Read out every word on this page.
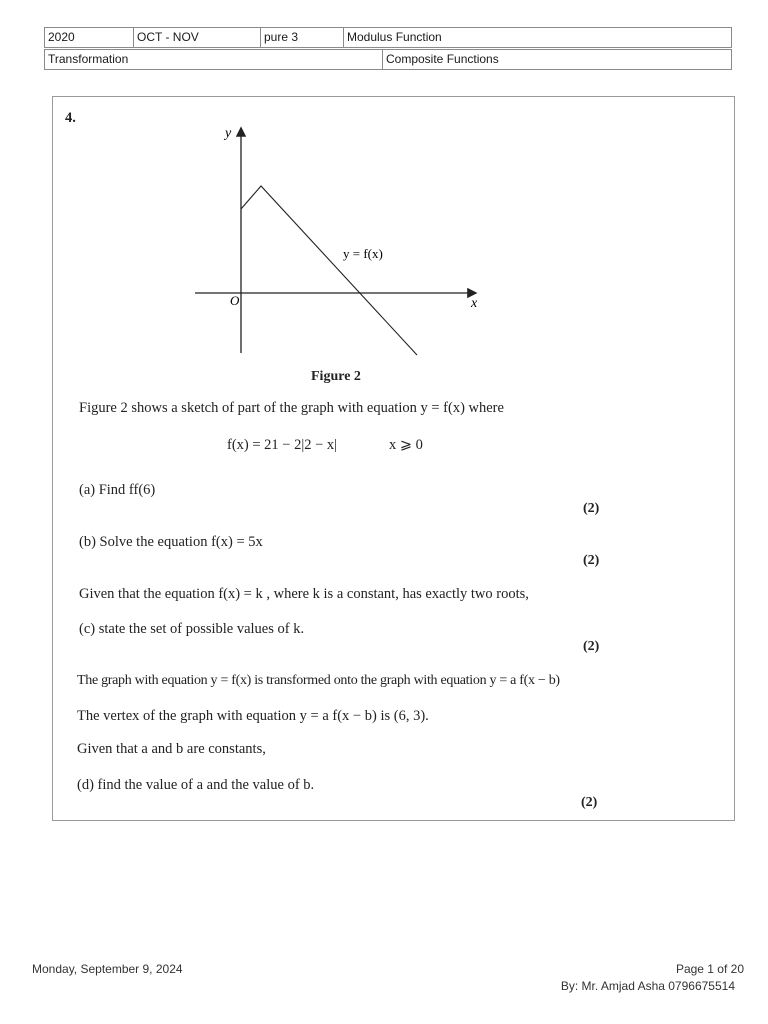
2020	OCT - NOV	pure 3	Modulus Function
Transformation	Composite Functions
4.
y
x
O
y = f(x)
Figure 2
Figure 2 shows a sketch of part of the graph with equation y = f(x) where
f(x) = 21 − 2|2 − x|	x ⩾ 0
(a) Find ff(6)
(2)
(b) Solve the equation f(x) = 5x
(2)
Given that the equation f(x) = k , where k is a constant, has exactly two roots,
(c) state the set of possible values of k.
(2)
The graph with equation y = f(x) is transformed onto the graph with equation y = a f(x − b)
The vertex of the graph with equation y = a f(x − b) is (6, 3).
Given that a and b are constants,
(d) find the value of a and the value of b.
(2)
Monday, September 9, 2024	Page 1 of 20
By: Mr. Amjad Asha 0796675514
